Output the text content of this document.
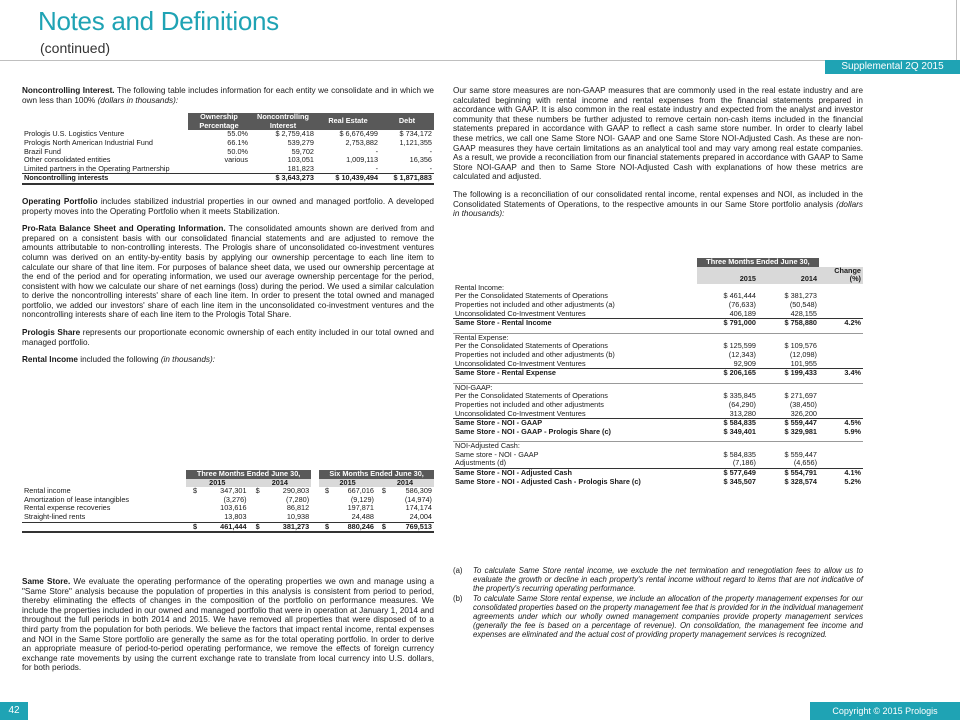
Notes and Definitions
(continued)
Supplemental 2Q 2015

Noncontrolling Interest. The following table includes information for each entity we consolidate and in which we own less than 100% (dollars in thousands):

	Ownership Percentage	Noncontrolling Interest	Real Estate	Debt
Prologis U.S. Logistics Venture	55.0%	$ 2,759,418	$ 6,676,499	$ 734,172
Prologis North American Industrial Fund	66.1%	539,279	2,753,882	1,121,355
Brazil Fund	50.0%	59,702	-	-
Other consolidated entities	various	103,051	1,009,113	16,356
Limited partners in the Operating Partnership		181,823	-	-
Noncontrolling interests		$ 3,643,273	$ 10,439,494	$ 1,871,883

Operating Portfolio includes stabilized industrial properties in our owned and managed portfolio. A developed property moves into the Operating Portfolio when it meets Stabilization.

Pro-Rata Balance Sheet and Operating Information. The consolidated amounts shown are derived from and prepared on a consistent basis with our consolidated financial statements and are adjusted to remove the amounts attributable to non-controlling interests. The Prologis share of unconsolidated co-investment ventures column was derived on an entity-by-entity basis by applying our ownership percentage to each line item to calculate our share of that line item. For purposes of balance sheet data, we used our ownership percentage at the end of the period and for operating information, we used our average ownership percentage for the period, consistent with how we calculate our share of net earnings (loss) during the period. We used a similar calculation to derive the noncontrolling interests' share of each line item. In order to present the total owned and managed portfolio, we added our investors' share of each line item in the unconsolidated co-investment ventures and the noncontrolling interests share of each line item to the Prologis Total Share.

Prologis Share represents our proportionate economic ownership of each entity included in our total owned and managed portfolio.

Rental Income included the following (in thousands):

	Three Months Ended June 30,					Six Months Ended June 30,			
	2015		2014			2015		2014	
Rental income	$	347,301	$	290,803		$	667,016	$	586,309
Amortization of lease intangibles		(3,276)		(7,280)			(9,129)		(14,974)
Rental expense recoveries		103,616		86,812			197,871		174,174
Straight-lined rents		13,803		10,938			24,488		24,004
	$	461,444	$	381,273		$	880,246	$	769,513

Same Store. We evaluate the operating performance of the operating properties we own and manage using a "Same Store" analysis because the population of properties in this analysis is consistent from period to period, thereby eliminating the effects of changes in the composition of the portfolio on performance measures. We include the properties included in our owned and managed portfolio that were in operation at January 1, 2014 and throughout the full periods in both 2014 and 2015. We have removed all properties that were disposed of to a third party from the population for both periods. We believe the factors that impact rental income, rental expenses and NOI in the Same Store portfolio are generally the same as for the total operating portfolio. In order to derive an appropriate measure of period-to-period operating performance, we remove the effects of foreign currency exchange rate movements by using the current exchange rate to translate from local currency into U.S. dollars, for both periods.

Our same store measures are non-GAAP measures that are commonly used in the real estate industry and are calculated beginning with rental income and rental expenses from the financial statements prepared in accordance with GAAP. It is also common in the real estate industry and expected from the analyst and investor community that these numbers be further adjusted to remove certain non-cash items included in the financial statements prepared in accordance with GAAP to reflect a cash same store number. In order to clearly label these metrics, we call one Same Store NOI- GAAP and one Same Store NOI-Adjusted Cash. As these are non-GAAP measures they have certain limitations as an analytical tool and may vary among real estate companies. As a result, we provide a reconciliation from our financial statements prepared in accordance with GAAP to Same Store NOI-GAAP and then to Same Store NOI-Adjusted Cash with explanations of how these metrics are calculated and adjusted.

The following is a reconciliation of our consolidated rental income, rental expenses and NOI, as included in the Consolidated Statements of Operations, to the respective amounts in our Same Store portfolio analysis (dollars in thousands):

	Three Months Ended June 30,		
	2015	2014	Change (%)
Rental Income:			
Per the Consolidated Statements of Operations	$ 461,444	$ 381,273	
Properties not included and other adjustments (a)	(76,633)	(50,548)	
Unconsolidated Co-Investment Ventures	406,189	428,155	
Same Store - Rental Income	$ 791,000	$ 758,880	4.2%

Rental Expense:			
Per the Consolidated Statements of Operations	$ 125,599	$ 109,576	
Properties not included and other adjustments (b)	(12,343)	(12,098)	
Unconsolidated Co-Investment Ventures	92,909	101,955	
Same Store - Rental Expense	$ 206,165	$ 199,433	3.4%

NOI-GAAP:			
Per the Consolidated Statements of Operations	$ 335,845	$ 271,697	
Properties not included and other adjustments	(64,290)	(38,450)	
Unconsolidated Co-Investment Ventures	313,280	326,200	
Same Store - NOI - GAAP	$ 584,835	$ 559,447	4.5%
Same Store - NOI - GAAP - Prologis Share (c)	$ 349,401	$ 329,981	5.9%

NOI-Adjusted Cash:			
Same store - NOI - GAAP	$ 584,835	$ 559,447	
Adjustments (d)	(7,186)	(4,656)	
Same Store - NOI - Adjusted Cash	$ 577,649	$ 554,791	4.1%
Same Store - NOI - Adjusted Cash - Prologis Share (c)	$ 345,507	$ 328,574	5.2%

(a)	To calculate Same Store rental income, we exclude the net termination and renegotiation fees to allow us to evaluate the growth or decline in each property's rental income without regard to items that are not indicative of the property's recurring operating performance.
(b)	To calculate Same Store rental expense, we include an allocation of the property management expenses for our consolidated properties based on the property management fee that is provided for in the individual management agreements under which our wholly owned management companies provide property management services (generally the fee is based on a percentage of revenue). On consolidation, the management fee income and expenses are eliminated and the actual cost of providing property management services is recognized.
42	Copyright © 2015 Prologis
